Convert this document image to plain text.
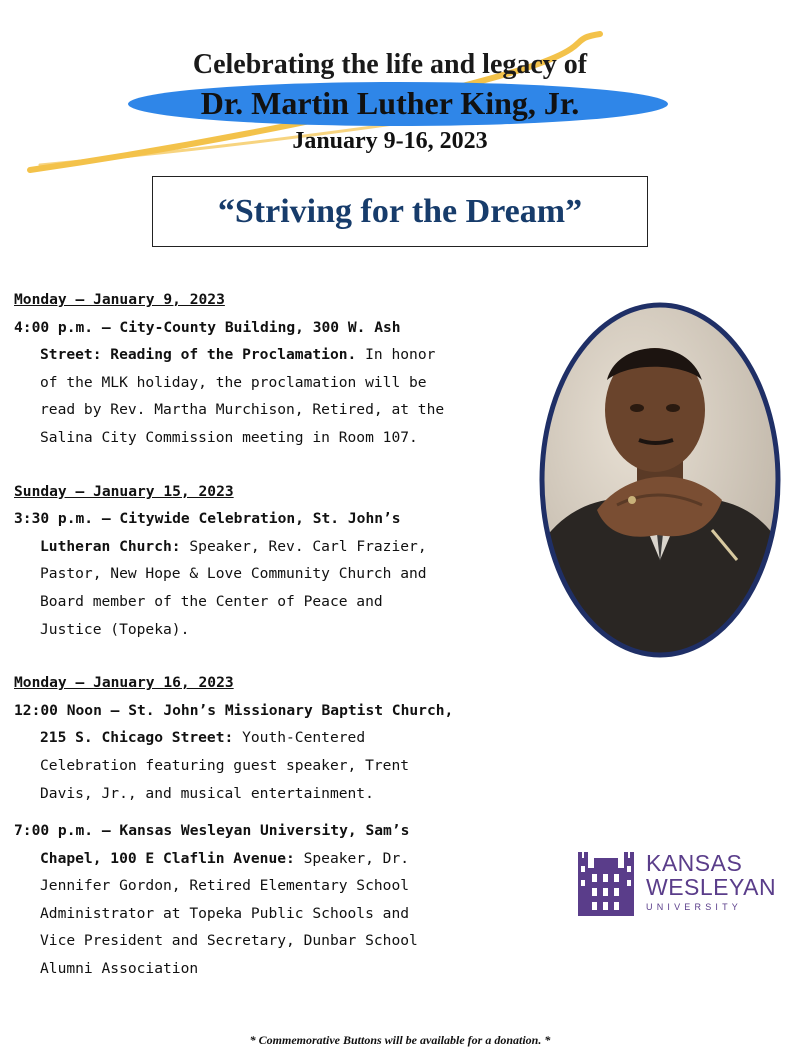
Celebrating the life and legacy of
Dr. Martin Luther King, Jr.
January 9-16, 2023
“Striving for the Dream”
Monday – January 9, 2023
4:00 p.m. – City-County Building, 300 W. Ash
Street: Reading of the Proclamation. In honor
of the MLK holiday, the proclamation will be
read by Rev. Martha Murchison, Retired, at the
Salina City Commission meeting in Room 107.
Sunday – January 15, 2023
3:30 p.m. – Citywide Celebration, St. John’s
Lutheran Church: Speaker, Rev. Carl Frazier,
Pastor, New Hope & Love Community Church and
Board member of the Center of Peace and
Justice (Topeka).
Monday – January 16, 2023
12:00 Noon – St. John’s Missionary Baptist Church,
215 S. Chicago Street: Youth-Centered
Celebration featuring guest speaker, Trent
Davis, Jr., and musical entertainment.
7:00 p.m. – Kansas Wesleyan University, Sam’s
Chapel, 100 E Claflin Avenue: Speaker, Dr.
Jennifer Gordon, Retired Elementary School
Administrator at Topeka Public Schools and
Vice President and Secretary, Dunbar School
Alumni Association
KANSAS
WESLEYAN
UNIVERSITY
* Commemorative Buttons will be available for a donation. *
